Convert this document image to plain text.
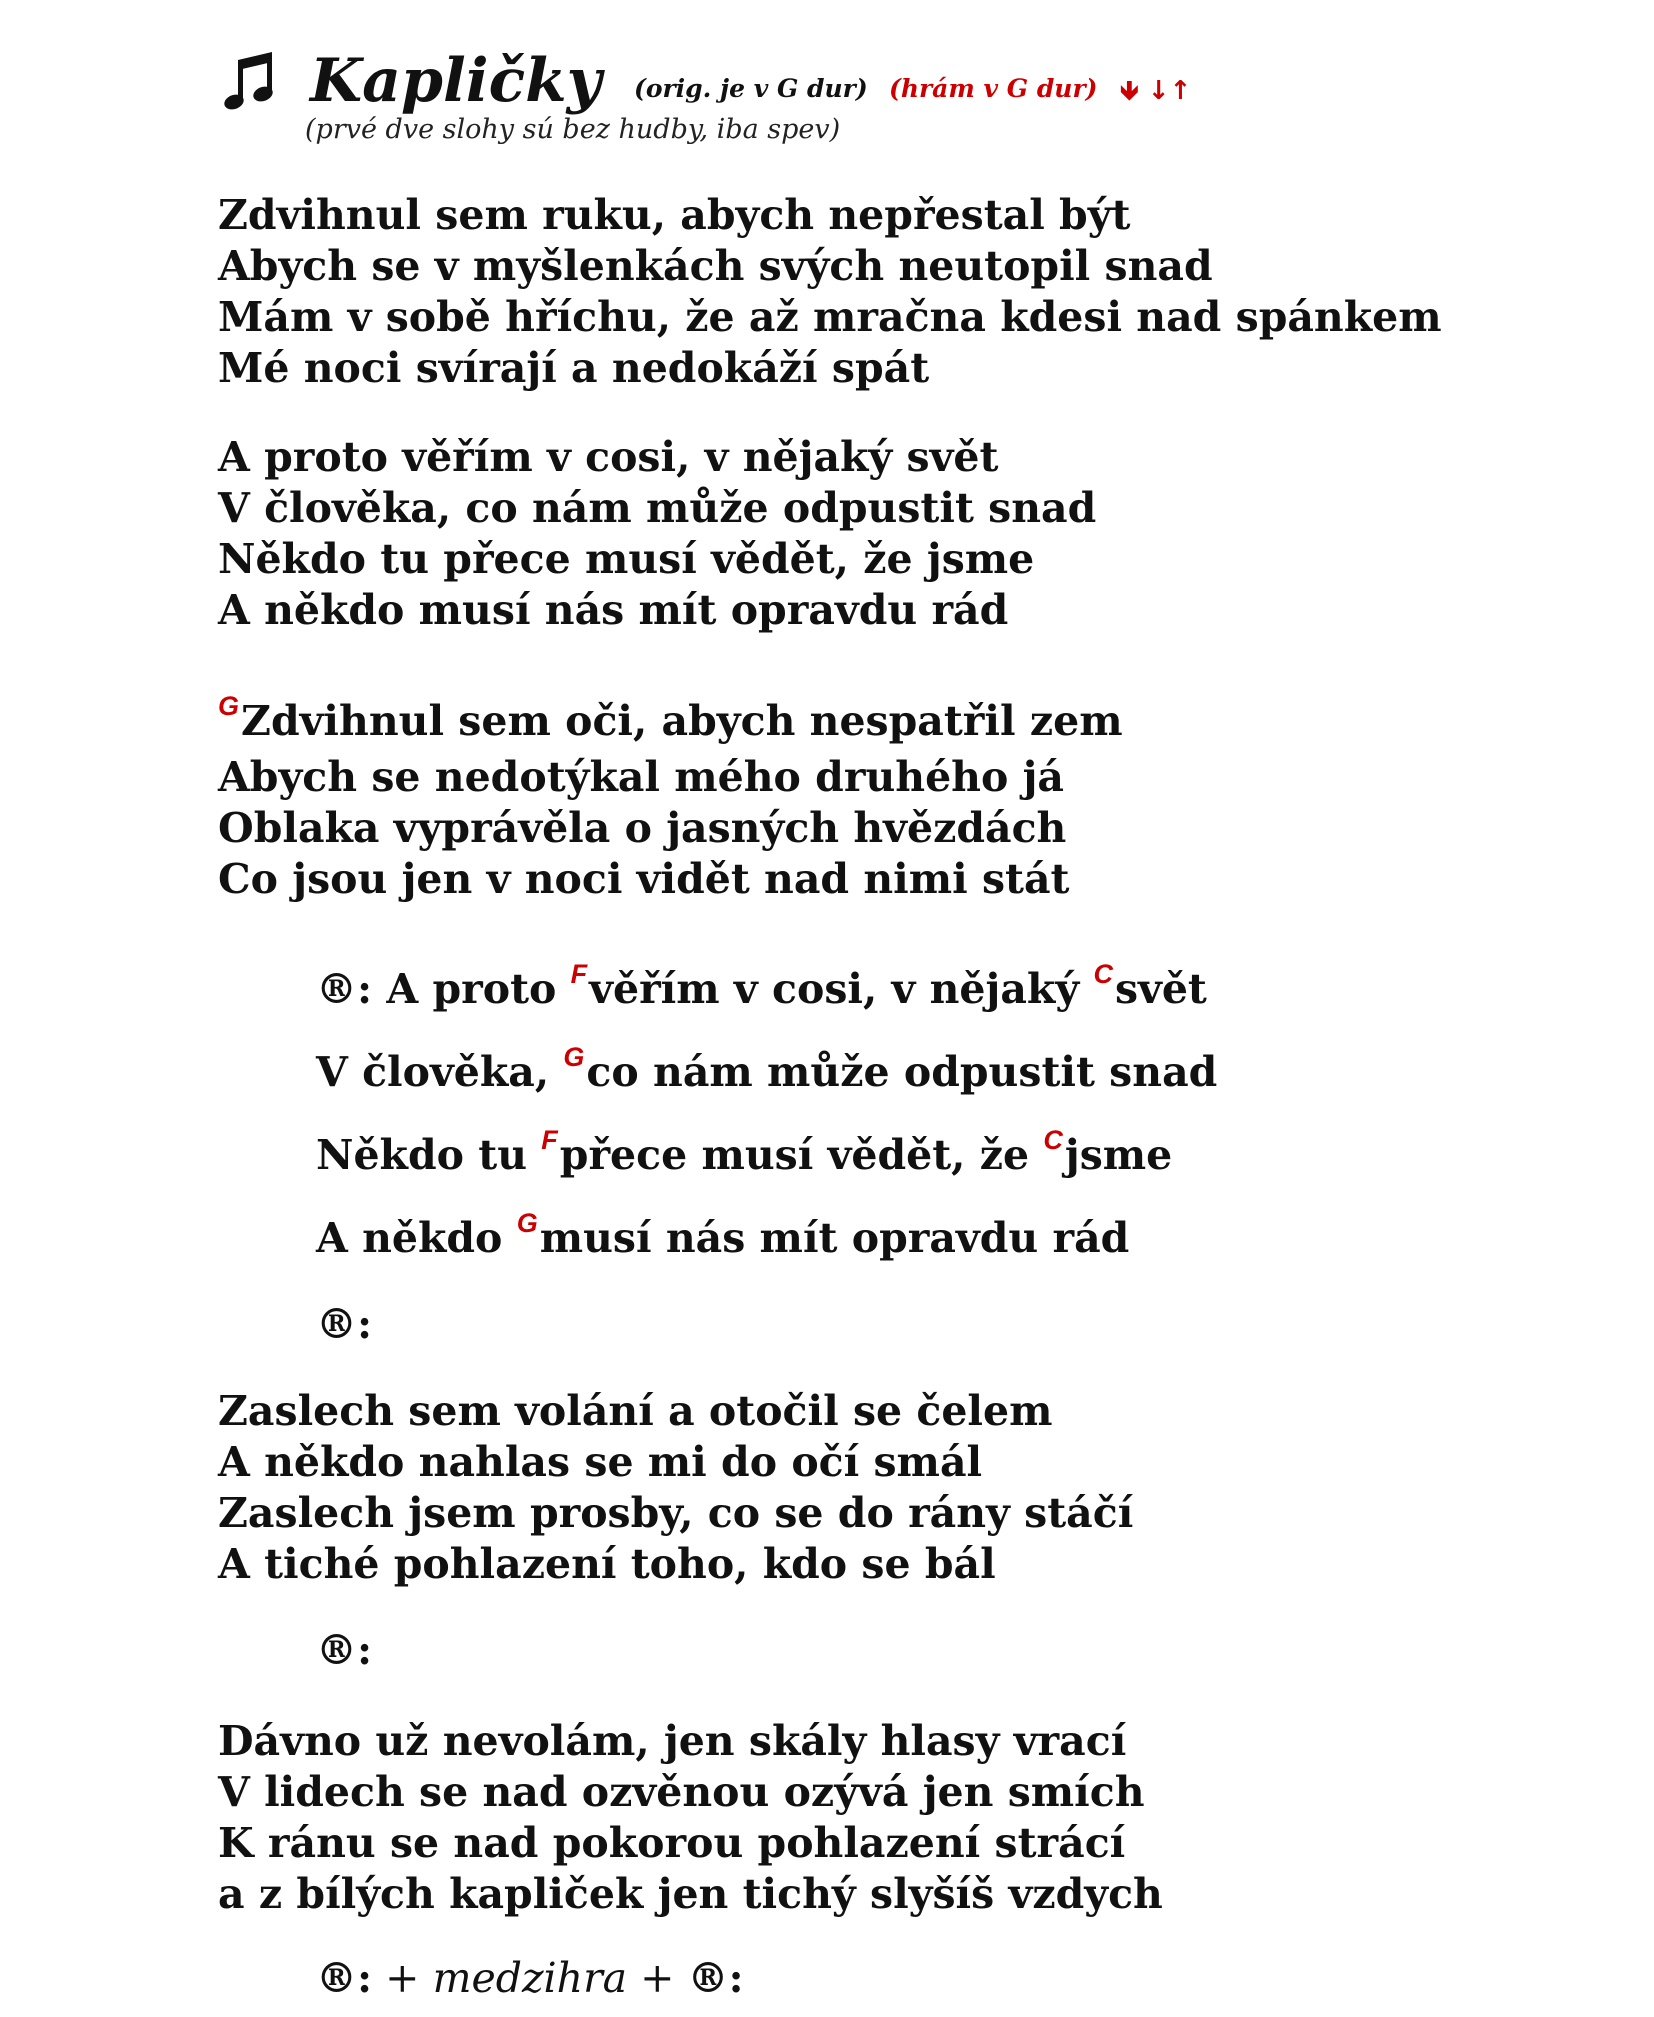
Kapličky (orig. je v G dur) (hrám v G dur) 🡻 ↓↑
(prvé dve slohy sú bez hudby, iba spev)
Zdvihnul sem ruku, abych nepřestal být
Abych se v myšlenkách svých neutopil snad
Mám v sobě hříchu, že až mračna kdesi nad spánkem
Mé noci svírají a nedokáží spát
A proto věřím v cosi, v nějaký svět
V člověka, co nám může odpustit snad
Někdo tu přece musí vědět, že jsme
A někdo musí nás mít opravdu rád
$^G$Zdvihnul sem oči, abych nespatřil zem
Abych se nedotýkal mého druhého já
Oblaka vyprávěla o jasných hvězdách
Co jsou jen v noci vidět nad nimi stát
®: A proto $^F$věřím v cosi, v nějaký $^C$svět
V člověka, $^G$co nám může odpustit snad
Někdo tu $^F$přece musí vědět, že $^C$jsme
A někdo $^G$musí nás mít opravdu rád
®:
Zaslech sem volání a otočil se čelem
A někdo nahlas se mi do očí smál
Zaslech jsem prosby, co se do rány stáčí
A tiché pohlazení toho, kdo se bál
®:
Dávno už nevolám, jen skály hlasy vrací
V lidech se nad ozvěnou ozývá jen smích
K ránu se nad pokorou pohlazení strácí
a z bílých kapliček jen tichý slyšíš vzdych
®: + medzihra + ®:
